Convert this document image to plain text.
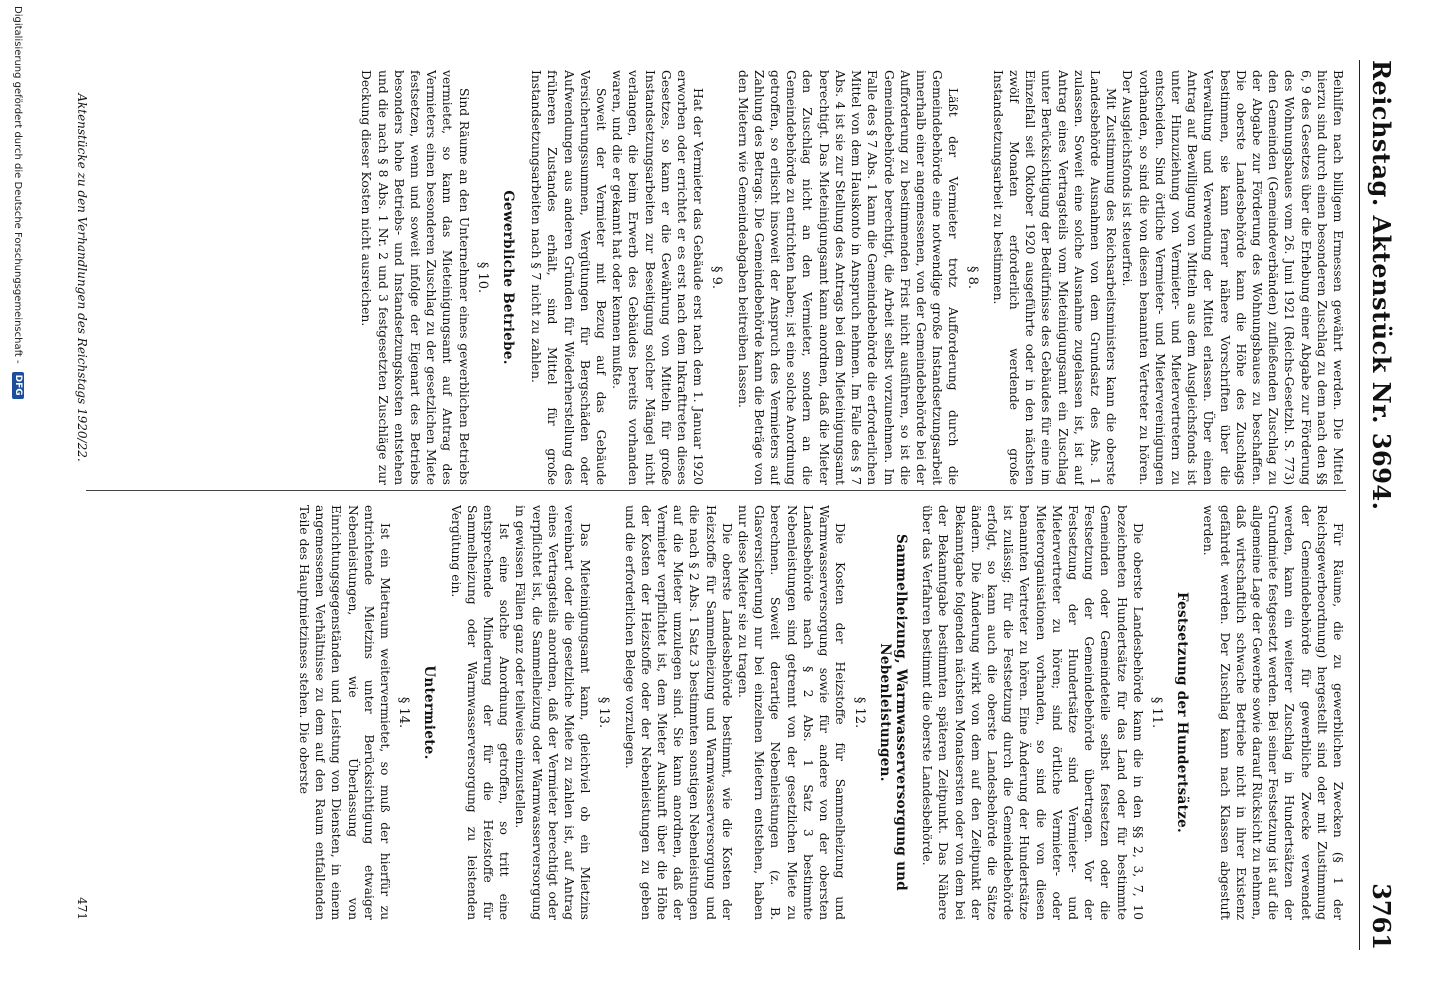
Reichstag. Aktenstück Nr. 3694.
3761

Beihilfen nach billigem Ermessen gewährt werden. Die Mittel hierzu sind durch einen besonderen Zuschlag zu dem nach den §§ 6, 9 des Gesetzes über die Erhebung einer Abgabe zur Förderung des Wohnungsbaues vom 26. Juni 1921 (Reichs-Gesetzbl. S. 773) den Gemeinden (Gemeindeverbänden) zufließenden Zuschlag zu der Abgabe zur Förderung des Wohnungsbaues zu beschaffen. Die oberste Landesbehörde kann die Höhe des Zuschlags bestimmen, sie kann ferner nähere Vorschriften über die Verwaltung und Verwendung der Mittel erlassen. Über einen Antrag auf Bewilligung von Mitteln aus dem Ausgleichsfonds ist unter Hinzuziehung von Vermieter- und Mietervertretern zu entscheiden. Sind örtliche Vermieter- und Mietervereinigungen vorhanden, so sind die von diesen benannten Vertreter zu hören. Der Ausgleichsfonds ist steuerfrei.

Mit Zustimmung des Reichsarbeitsministers kann die oberste Landesbehörde Ausnahmen von dem Grundsatz des Abs. 1 zulassen. Soweit eine solche Ausnahme zugelassen ist, ist auf Antrag eines Vertragsteils vom Mieteinigungsamt ein Zuschlag unter Berücksichtigung der Bedürfnisse des Gebäudes für eine im Einzelfall seit Oktober 1920 ausgeführte oder in den nächsten zwölf Monaten erforderlich werdende große Instandsetzungsarbeit zu bestimmen.

§ 8.

Läßt der Vermieter trotz Aufforderung durch die Gemeindebehörde eine notwendige große Instandsetzungsarbeit innerhalb einer angemessenen, von der Gemeindebehörde bei der Aufforderung zu bestimmenden Frist nicht ausführen, so ist die Gemeindebehörde berechtigt, die Arbeit selbst vorzunehmen. Im Falle des § 7 Abs. 1 kann die Gemeindebehörde die erforderlichen Mittel von dem Hauskonto in Anspruch nehmen. Im Falle des § 7 Abs. 4 ist sie zur Stellung des Antrags bei dem Mieteinigungsamt berechtigt. Das Mieteinigungsamt kann anordnen, daß die Mieter den Zuschlag nicht an den Vermieter, sondern an die Gemeindebehörde zu entrichten haben; ist eine solche Anordnung getroffen, so erlischt insoweit der Anspruch des Vermieters auf Zahlung des Betrags. Die Gemeindebehörde kann die Beträge von den Mietern wie Gemeindeabgaben beitreiben lassen.

§ 9.

Hat der Vermieter das Gebäude erst nach dem 1. Januar 1920 erworben oder errichtet er es erst nach dem Inkrafttreten dieses Gesetzes, so kann er die Gewährung von Mitteln für große Instandsetzungsarbeiten zur Beseitigung solcher Mängel nicht verlangen, die beim Erwerb des Gebäudes bereits vorhanden waren, und die er gekannt hat oder kennen mußte.

Soweit der Vermieter mit Bezug auf das Gebäude Versicherungssummen, Vergütungen für Bergschäden oder Aufwendungen aus anderen Gründen für Wiederherstellung des früheren Zustandes erhält, sind Mittel für große Instandsetzungsarbeiten nach § 7 nicht zu zahlen.

Gewerbliche Betriebe.
§ 10.

Sind Räume an den Unternehmer eines gewerblichen Betriebs vermietet, so kann das Mieteinigungsamt auf Antrag des Vermieters einen besonderen Zuschlag zu der gesetzlichen Miete festsetzen, wenn und soweit infolge der Eigenart des Betriebs besonders hohe Betriebs- und Instandsetzungskosten entstehen und die nach § 8 Abs. 1 Nr. 2 und 3 festgesetzten Zuschläge zur Deckung dieser Kosten nicht ausreichen.

Für Räume, die zu gewerblichen Zwecken (§ 1 der Reichsgewerbeordnung) hergestellt sind oder mit Zustimmung der Gemeindebehörde für gewerbliche Zwecke verwendet werden, kann ein weiterer Zuschlag in Hundertsätzen der Grundmiete festgesetzt werden. Bei seiner Festsetzung ist auf die allgemeine Lage der Gewerbe sowie darauf Rücksicht zu nehmen, daß wirtschaftlich schwache Betriebe nicht in ihrer Existenz gefährdet werden. Der Zuschlag kann nach Klassen abgestuft werden.

Festsetzung der Hundertsätze.
§ 11.

Die oberste Landesbehörde kann die in den §§ 2, 3, 7, 10 bezeichneten Hundertsätze für das Land oder für bestimmte Gemeinden oder Gemeindeteile selbst festsetzen oder die Festsetzung der Gemeindebehörde übertragen. Vor der Festsetzung der Hundertsätze sind Vermieter- und Mietervertreter zu hören; sind örtliche Vermieter- oder Mieterorganisationen vorhanden, so sind die von diesen benannten Vertreter zu hören. Eine Änderung der Hundertsätze ist zulässig; für die Festsetzung durch die Gemeindebehörde erfolgt, so kann auch die oberste Landesbehörde die Sätze ändern. Die Änderung wirkt von dem auf den Zeitpunkt der Bekanntgabe folgenden nächsten Monatsersten oder von dem bei der Bekanntgabe bestimmten späteren Zeitpunkt. Das Nähere über das Verfahren bestimmt die oberste Landesbehörde.

Sammelheizung, Warmwasserversorgung und Nebenleistungen.
§ 12.

Die Kosten der Heizstoffe für Sammelheizung und Warmwasserversorgung sowie für andere von der obersten Landesbehörde nach § 2 Abs. 1 Satz 3 bestimmte Nebenleistungen sind getrennt von der gesetzlichen Miete zu berechnen. Soweit derartige Nebenleistungen (z. B. Glasversicherung) nur bei einzelnen Mietern entstehen, haben nur diese Mieter sie zu tragen.

Die oberste Landesbehörde bestimmt, wie die Kosten der Heizstoffe für Sammelheizung und Warmwasserversorgung und die nach § 2 Abs. 1 Satz 3 bestimmten sonstigen Nebenleistungen auf die Mieter umzulegen sind. Sie kann anordnen, daß der Vermieter verpflichtet ist, dem Mieter Auskunft über die Höhe der Kosten der Heizstoffe oder der Nebenleistungen zu geben und die erforderlichen Belege vorzulegen.

§ 13.

Das Mieteinigungsamt kann, gleichviel ob ein Mietzins vereinbart oder die gesetzliche Miete zu zahlen ist, auf Antrag eines Vertragsteils anordnen, daß der Vermieter berechtigt oder verpflichtet ist, die Sammelheizung oder Warmwasserversorgung in gewissen Fällen ganz oder teilweise einzustellen.

Ist eine solche Anordnung getroffen, so tritt eine entsprechende Minderung der für die Heizstoffe für Sammelheizung oder Warmwasserversorgung zu leistenden Vergütung ein.

Untermiete.
§ 14.

Ist ein Mietraum weitervermietet, so muß der hierfür zu entrichtende Mietzins unter Berücksichtigung etwaiger Nebenleistungen, wie Überlassung von Einrichtungsgegenständen und Leistung von Diensten, in einem angemessenen Verhältnisse zu dem auf den Raum entfallenden Teile des Hauptmietzinses stehen. Die oberste

Aktenstücke zu den Verhandlungen des Reichstags 1920/22.
471
Digitalisierung gefördert durch die Deutsche Forschungsgemeinschaft -
DFG
